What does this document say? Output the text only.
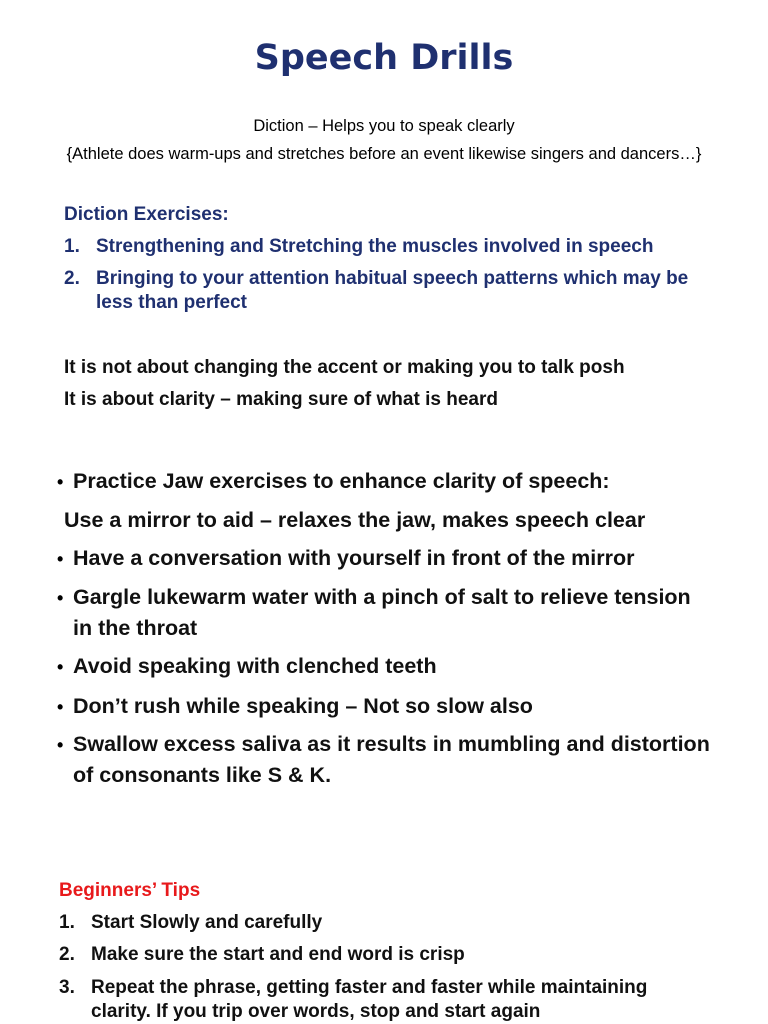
Speech Drills
Diction – Helps you to speak clearly
{Athlete does warm-ups and stretches before an event likewise singers and dancers…}
Diction Exercises:
1. Strengthening and Stretching the muscles involved in speech
2. Bringing to your attention habitual speech patterns which may be
less than perfect
It is not about changing the accent or making you to talk posh
It is about clarity – making sure of what is heard
• Practice Jaw exercises to enhance clarity of speech:
Use a mirror to aid – relaxes the jaw, makes speech clear
• Have a conversation with yourself in front of the mirror
• Gargle lukewarm water with a pinch of salt to relieve tension
in the throat
• Avoid speaking with clenched teeth
• Don’t rush while speaking – Not so slow also
• Swallow excess saliva as it results in mumbling and distortion
of consonants like S & K.
Beginners’ Tips
1. Start Slowly and carefully
2. Make sure the start and end word is crisp
3. Repeat the phrase, getting faster and faster while maintaining
clarity. If you trip over words, stop and start again
